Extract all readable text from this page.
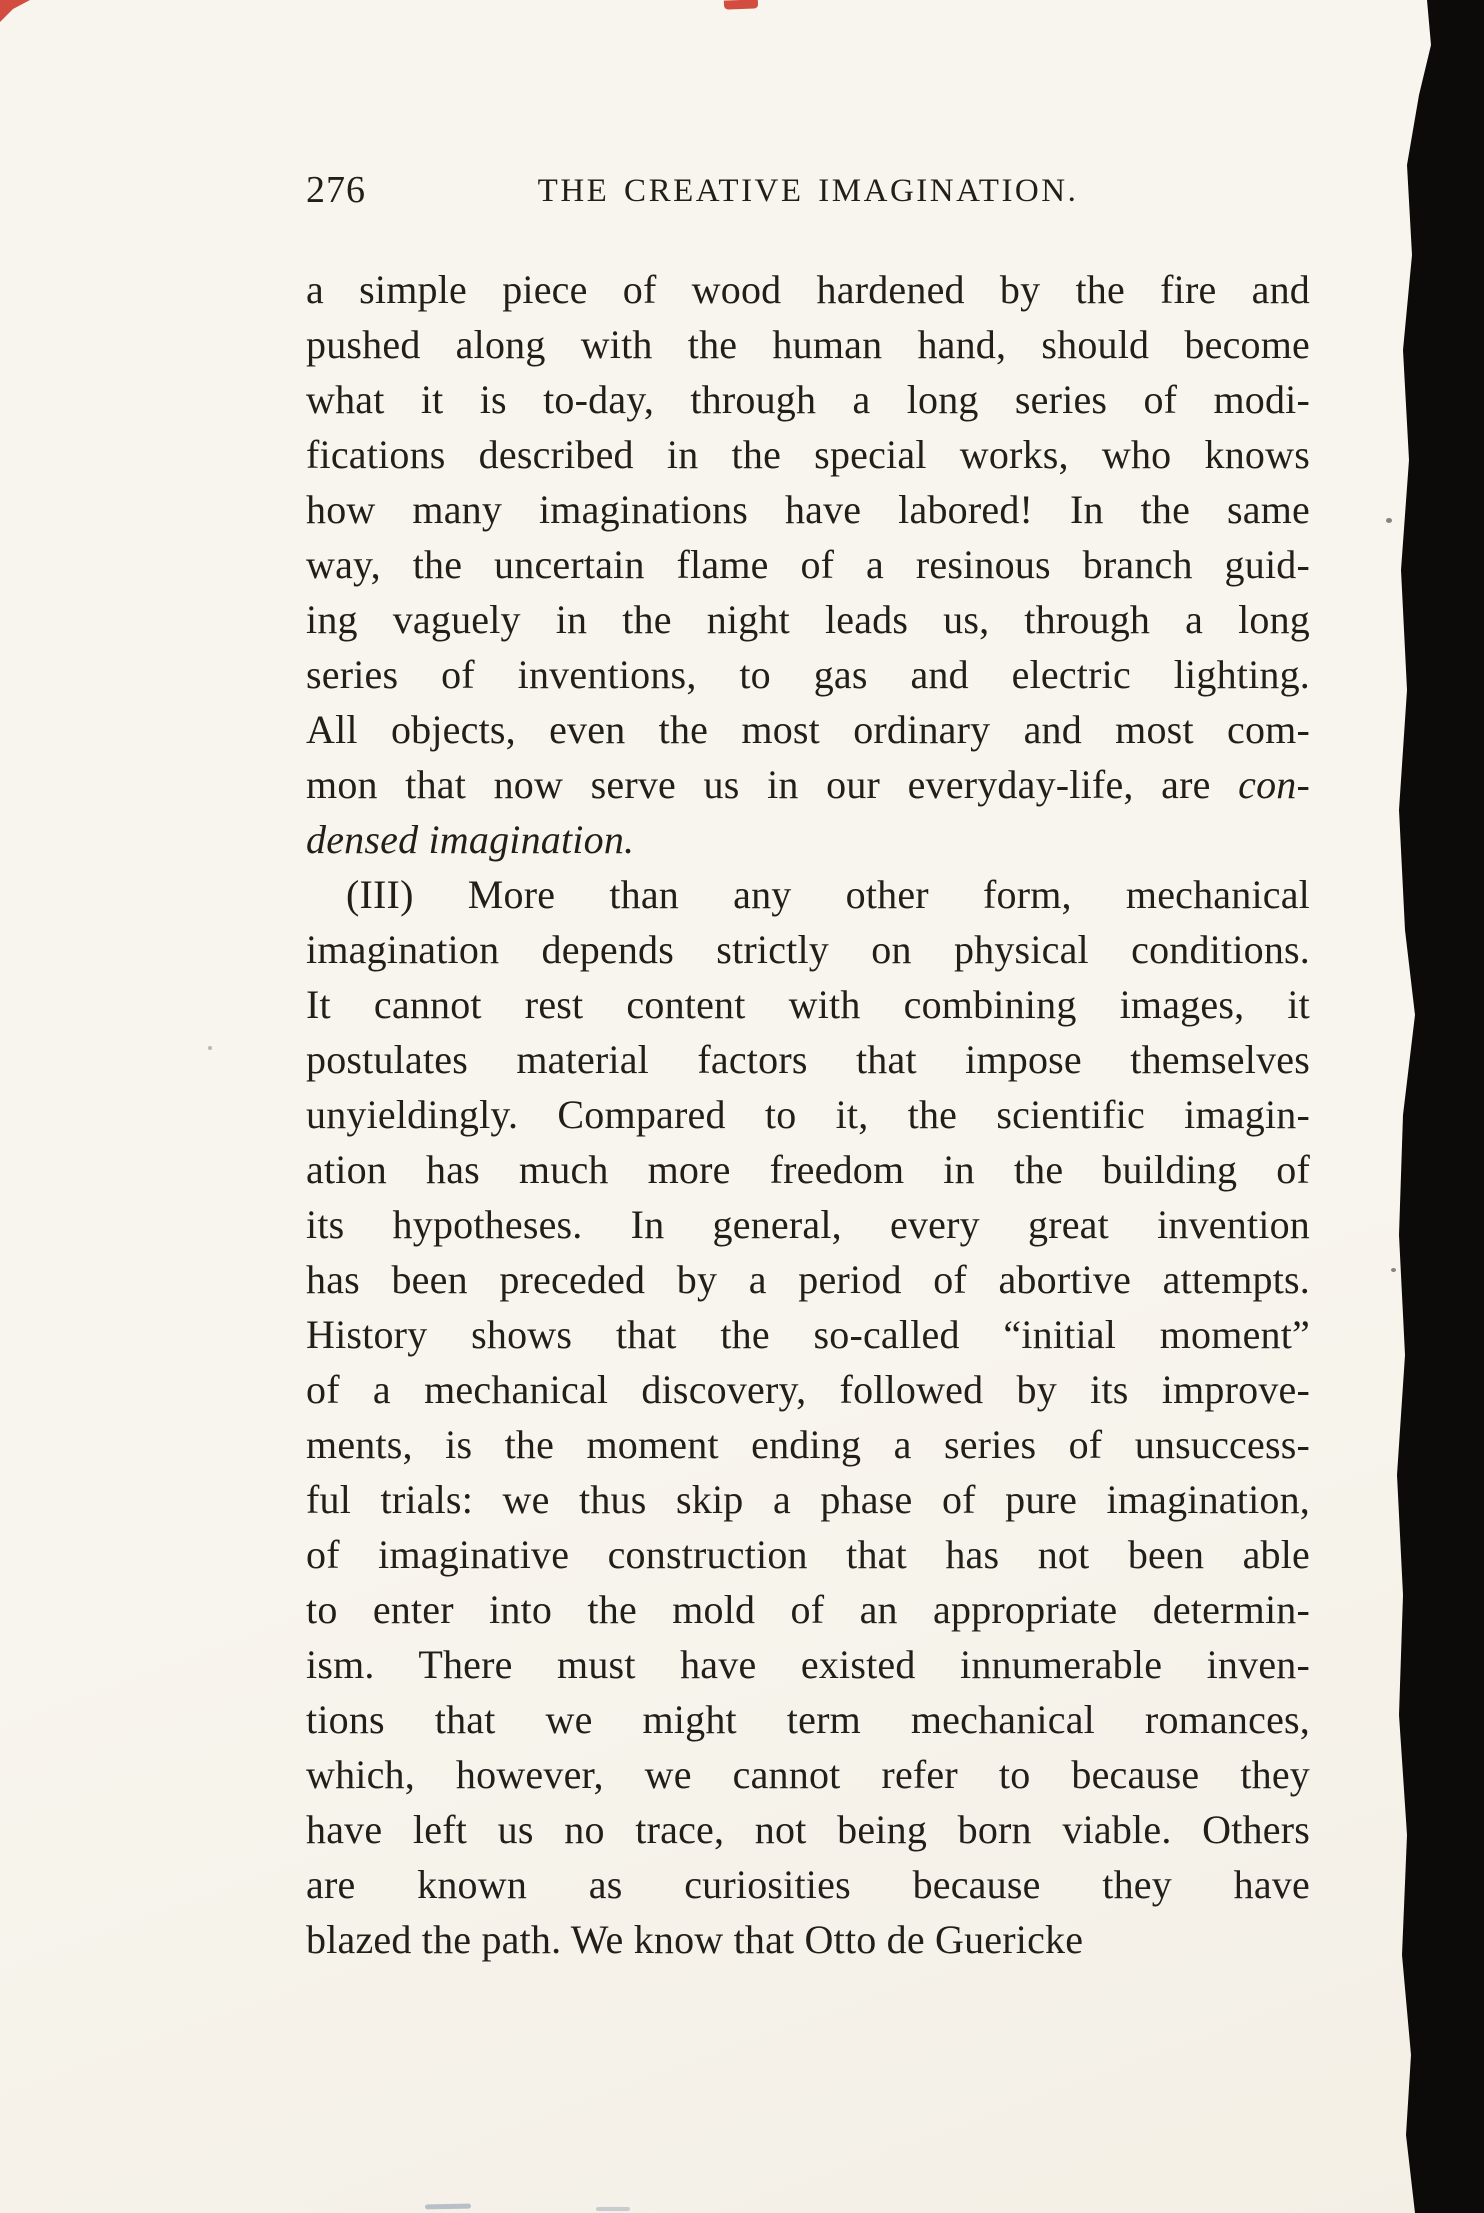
276	THE CREATIVE IMAGINATION.
a simple piece of wood hardened by the fire and
pushed along with the human hand, should become
what it is to-day, through a long series of modi-
fications described in the special works, who knows
how many imaginations have labored! In the same
way, the uncertain flame of a resinous branch guid-
ing vaguely in the night leads us, through a long
series of inventions, to gas and electric lighting.
All objects, even the most ordinary and most com-
mon that now serve us in our everyday-life, are con-
densed imagination.
(III) More than any other form, mechanical
imagination depends strictly on physical conditions.
It cannot rest content with combining images, it
postulates material factors that impose themselves
unyieldingly. Compared to it, the scientific imagin-
ation has much more freedom in the building of
its hypotheses. In general, every great invention
has been preceded by a period of abortive attempts.
History shows that the so-called “initial moment”
of a mechanical discovery, followed by its improve-
ments, is the moment ending a series of unsuccess-
ful trials: we thus skip a phase of pure imagination,
of imaginative construction that has not been able
to enter into the mold of an appropriate determin-
ism. There must have existed innumerable inven-
tions that we might term mechanical romances,
which, however, we cannot refer to because they
have left us no trace, not being born viable. Others
are known as curiosities because they have
blazed the path. We know that Otto de Guericke
